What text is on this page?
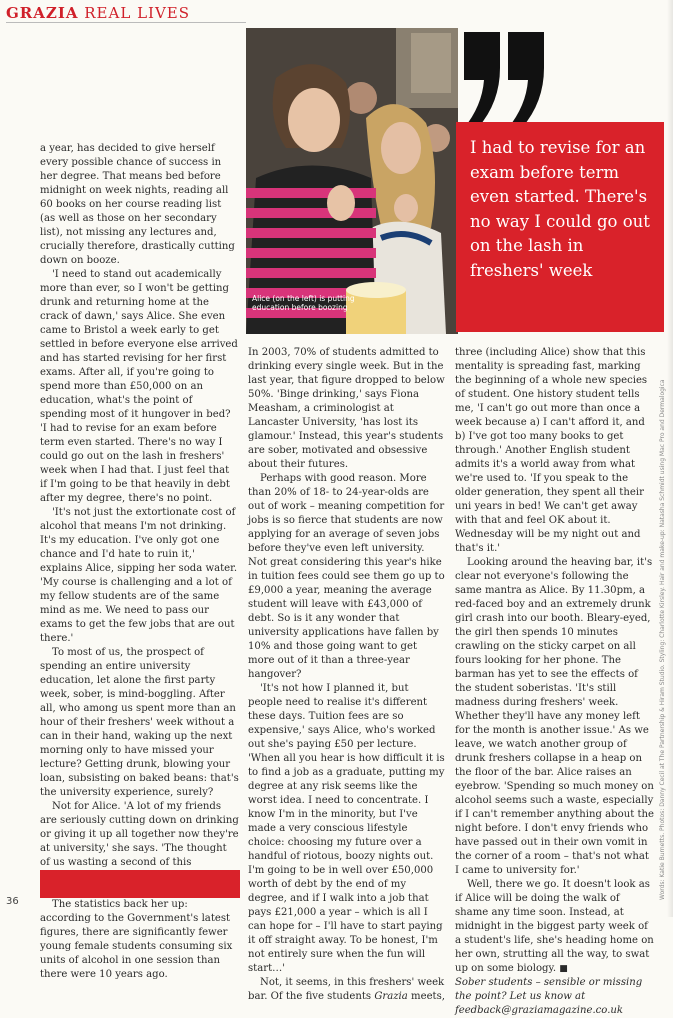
GRAZIA REAL LIVES
Alice (on the left) is putting education before boozing
I had to revise for an exam before term even started. There's no way I could go out on the lash in freshers' week

a year, has decided to give herself every possible chance of success in her degree. That means bed before midnight on week nights, reading all 60 books on her course reading list (as well as those on her secondary list), not missing any lectures and, crucially therefore, drastically cutting down on booze.

'I need to stand out academically more than ever, so I won't be getting drunk and returning home at the crack of dawn,' says Alice. She even came to Bristol a week early to get settled in before everyone else arrived and has started revising for her first exams. After all, if you're going to spend more than £50,000 on an education, what's the point of spending most of it hungover in bed? 'I had to revise for an exam before term even started. There's no way I could go out on the lash in freshers' week when I had that. I just feel that if I'm going to be that heavily in debt after my degree, there's no point.

'It's not just the extortionate cost of alcohol that means I'm not drinking. It's my education. I've only got one chance and I'd hate to ruin it,' explains Alice, sipping her soda water. 'My course is challenging and a lot of my fellow students are of the same mind as me. We need to pass our exams to get the few jobs that are out there.'

To most of us, the prospect of spending an entire university education, let alone the first party week, sober, is mind-boggling. After all, who among us spent more than an hour of their freshers' week without a can in their hand, waking up the next morning only to have missed your lecture? Getting drunk, blowing your loan, subsisting on baked beans: that's the university experience, surely?

Not for Alice. 'A lot of my friends are seriously cutting down on drinking or giving it up all together now they're at university,' she says. 'The thought of us wasting a second of this

The statistics back her up: according to the Government's latest figures, there are significantly fewer young female students consuming six units of alcohol in one session than there were 10 years ago.

In 2003, 70% of students admitted to drinking every single week. But in the last year, that figure dropped to below 50%. 'Binge drinking,' says Fiona Measham, a criminologist at Lancaster University, 'has lost its glamour.' Instead, this year's students are sober, motivated and obsessive about their futures.

Perhaps with good reason. More than 20% of 18- to 24-year-olds are out of work – meaning competition for jobs is so fierce that students are now applying for an average of seven jobs before they've even left university. Not great considering this year's hike in tuition fees could see them go up to £9,000 a year, meaning the average student will leave with £43,000 of debt. So is it any wonder that university applications have fallen by 10% and those going want to get more out of it than a three-year hangover?

'It's not how I planned it, but people need to realise it's different these days. Tuition fees are so expensive,' says Alice, who's worked out she's paying £50 per lecture. 'When all you hear is how difficult it is to find a job as a graduate, putting my degree at any risk seems like the worst idea. I need to concentrate. I know I'm in the minority, but I've made a very conscious lifestyle choice: choosing my future over a handful of riotous, boozy nights out. I'm going to be in well over £50,000 worth of debt by the end of my degree, and if I walk into a job that pays £21,000 a year – which is all I can hope for – I'll have to start paying it off straight away. To be honest, I'm not entirely sure when the fun will start…'

Not, it seems, in this freshers' week bar. Of the five students Grazia meets,

three (including Alice) show that this mentality is spreading fast, marking the beginning of a whole new species of student. One history student tells me, 'I can't go out more than once a week because a) I can't afford it, and b) I've got too many books to get through.' Another English student admits it's a world away from what we're used to. 'If you speak to the older generation, they spent all their uni years in bed! We can't get away with that and feel OK about it. Wednesday will be my night out and that's it.'

Looking around the heaving bar, it's clear not everyone's following the same mantra as Alice. By 11.30pm, a red-faced boy and an extremely drunk girl crash into our booth. Bleary-eyed, the girl then spends 10 minutes crawling on the sticky carpet on all fours looking for her phone. The barman has yet to see the effects of the student soberistas. 'It's still madness during freshers' week. Whether they'll have any money left for the month is another issue.' As we leave, we watch another group of drunk freshers collapse in a heap on the floor of the bar. Alice raises an eyebrow. 'Spending so much money on alcohol seems such a waste, especially if I can't remember anything about the night before. I don't envy friends who have passed out in their own vomit in the corner of a room – that's not what I came to university for.'

Well, there we go. It doesn't look as if Alice will be doing the walk of shame any time soon. Instead, at midnight in the biggest party week of a student's life, she's heading home on her own, strutting all the way, to swat up on some biology. ■

Sober students – sensible or missing the point? Let us know at feedback@graziamagazine.co.uk

36
Words: Katie Burnetts. Photos: Danny Cecil at The Partnership & Hiram Studio. Styling: Charlotte Kirsley. Hair and make-up: Natasha Schmidt using Mac Pro and Dermalogica
